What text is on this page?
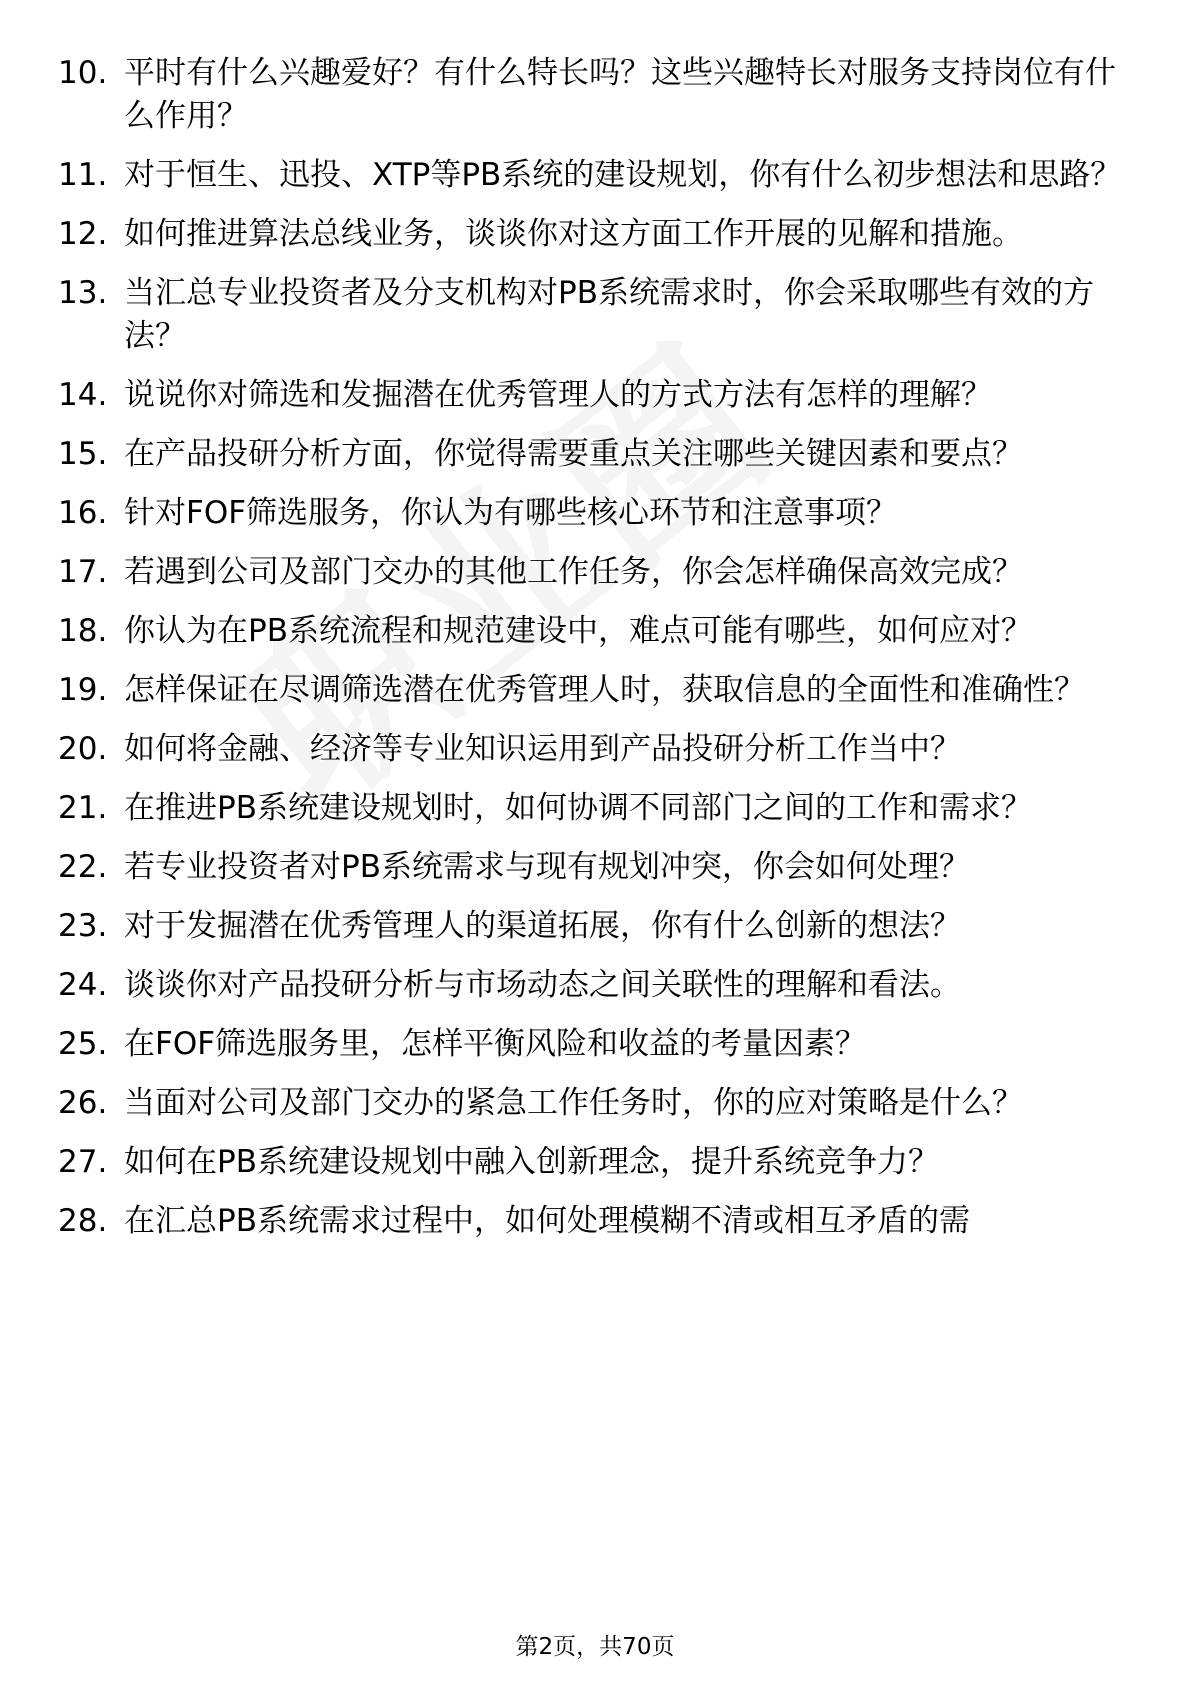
10. 平时有什么兴趣爱好？有什么特长吗？这些兴趣特长对服务支持岗位有什么作用？
11. 对于恒生、迅投、XTP等PB系统的建设规划，你有什么初步想法和思路？
12. 如何推进算法总线业务，谈谈你对这方面工作开展的见解和措施。
13. 当汇总专业投资者及分支机构对PB系统需求时，你会采取哪些有效的方法？
14. 说说你对筛选和发掘潜在优秀管理人的方式方法有怎样的理解？
15. 在产品投研分析方面，你觉得需要重点关注哪些关键因素和要点？
16. 针对FOF筛选服务，你认为有哪些核心环节和注意事项？
17. 若遇到公司及部门交办的其他工作任务，你会怎样确保高效完成？
18. 你认为在PB系统流程和规范建设中，难点可能有哪些，如何应对？
19. 怎样保证在尽调筛选潜在优秀管理人时，获取信息的全面性和准确性？
20. 如何将金融、经济等专业知识运用到产品投研分析工作当中？
21. 在推进PB系统建设规划时，如何协调不同部门之间的工作和需求？
22. 若专业投资者对PB系统需求与现有规划冲突，你会如何处理？
23. 对于发掘潜在优秀管理人的渠道拓展，你有什么创新的想法？
24. 谈谈你对产品投研分析与市场动态之间关联性的理解和看法。
25. 在FOF筛选服务里，怎样平衡风险和收益的考量因素？
26. 当面对公司及部门交办的紧急工作任务时，你的应对策略是什么？
27. 如何在PB系统建设规划中融入创新理念，提升系统竞争力？
28. 在汇总PB系统需求过程中，如何处理模糊不清或相互矛盾的需
第2页，共70页
